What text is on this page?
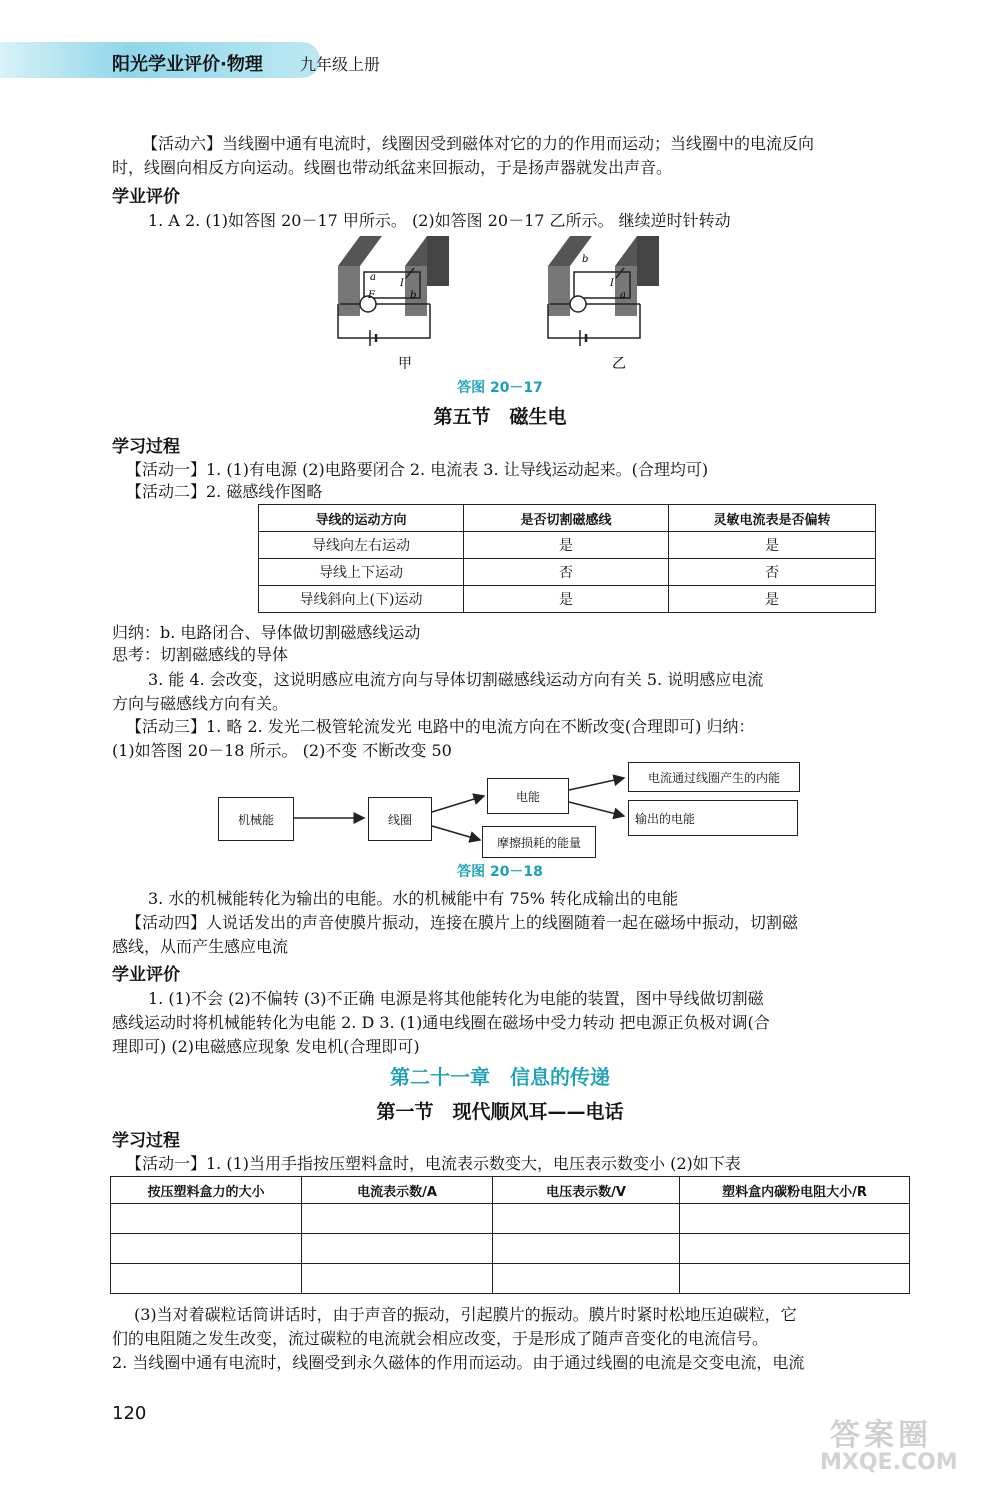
阳光学业评价·物理 九年级上册
【活动六】当线圈中通有电流时，线圈因受到磁体对它的力的作用而运动；当线圈中的电流反向
时，线圈向相反方向运动。线圈也带动纸盆来回振动，于是扬声器就发出声音。
学业评价
1. A 2. (1)如答图 20－17 甲所示。 (2)如答图 20－17 乙所示。 继续逆时针转动
a
I
F	b
b
I
a
甲	乙
答图 20－17
第五节　磁生电
学习过程
【活动一】1. (1)有电源 (2)电路要闭合 2. 电流表 3. 让导线运动起来。(合理均可)
【活动二】2. 磁感线作图略
导线的运动方向	是否切割磁感线	灵敏电流表是否偏转
导线向左右运动	是	是
导线上下运动	否	否
导线斜向上(下)运动	是	是
归纳：b. 电路闭合、导体做切割磁感线运动
思考：切割磁感线的导体
3. 能 4. 会改变，这说明感应电流方向与导体切割磁感线运动方向有关 5. 说明感应电流
方向与磁感线方向有关。
【活动三】1. 略 2. 发光二极管轮流发光 电路中的电流方向在不断改变(合理即可) 归纳：
(1)如答图 20－18 所示。 (2)不变 不断改变 50
机械能	线圈
电能
摩擦损耗的能量
电流通过线圈产生的内能
输出的电能
答图 20－18
3. 水的机械能转化为输出的电能。水的机械能中有 75% 转化成输出的电能
【活动四】人说话发出的声音使膜片振动，连接在膜片上的线圈随着一起在磁场中振动，切割磁
感线，从而产生感应电流
学业评价
1. (1)不会 (2)不偏转 (3)不正确 电源是将其他能转化为电能的装置，图中导线做切割磁
感线运动时将机械能转化为电能 2. D 3. (1)通电线圈在磁场中受力转动 把电源正负极对调(合
理即可) (2)电磁感应现象 发电机(合理即可)
第二十一章　信息的传递
第一节　现代顺风耳——电话
学习过程
【活动一】1. (1)当用手指按压塑料盒时，电流表示数变大，电压表示数变小 (2)如下表
按压塑料盒力的大小	电流表示数/A	电压表示数/V	塑料盒内碳粉电阻大小/R

(3)当对着碳粒话筒讲话时，由于声音的振动，引起膜片的振动。膜片时紧时松地压迫碳粒，它
们的电阻随之发生改变，流过碳粒的电流就会相应改变，于是形成了随声音变化的电流信号。
2. 当线圈中通有电流时，线圈受到永久磁体的作用而运动。由于通过线圈的电流是交变电流，电流
120
答案圈
MXQE.COM
